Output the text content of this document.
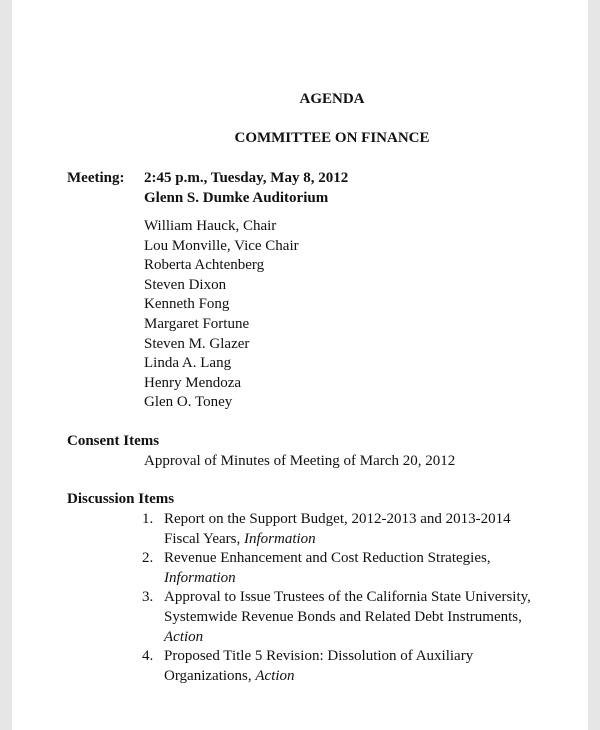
AGENDA
COMMITTEE ON FINANCE
Meeting: 2:45 p.m., Tuesday, May 8, 2012
Glenn S. Dumke Auditorium
William Hauck, Chair
Lou Monville, Vice Chair
Roberta Achtenberg
Steven Dixon
Kenneth Fong
Margaret Fortune
Steven M. Glazer
Linda A. Lang
Henry Mendoza
Glen O. Toney
Consent Items
Approval of Minutes of Meeting of March 20, 2012
Discussion Items
1. Report on the Support Budget, 2012-2013 and 2013-2014 Fiscal Years, Information
2. Revenue Enhancement and Cost Reduction Strategies, Information
3. Approval to Issue Trustees of the California State University, Systemwide Revenue Bonds and Related Debt Instruments, Action
4. Proposed Title 5 Revision: Dissolution of Auxiliary Organizations, Action
